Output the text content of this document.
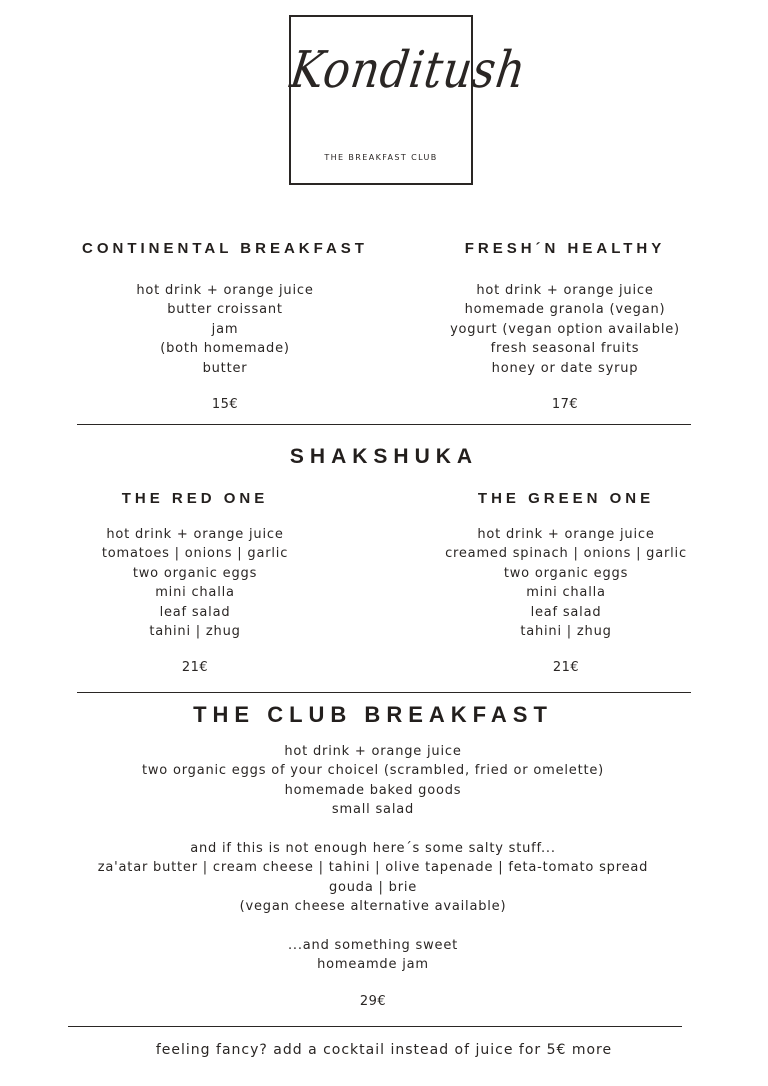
Konditush
THE BREAKFAST CLUB
CONTINENTAL BREAKFAST
hot drink + orange juice
butter croissant
jam
(both homemade)
butter
15€
FRESH´N HEALTHY
hot drink + orange juice
homemade granola (vegan)
yogurt (vegan option available)
fresh seasonal fruits
honey or date syrup
17€
SHAKSHUKA
THE RED ONE
hot drink + orange juice
tomatoes | onions | garlic
two organic eggs
mini challa
leaf salad
tahini | zhug
21€
THE GREEN ONE
hot drink + orange juice
creamed spinach | onions | garlic
two organic eggs
mini challa
leaf salad
tahini | zhug
21€
THE CLUB BREAKFAST
hot drink + orange juice
two organic eggs of your choicel (scrambled, fried or omelette)
homemade baked goods
small salad
and if this is not enough here´s some salty stuff...
za'atar butter | cream cheese | tahini | olive tapenade | feta-tomato spread
gouda | brie
(vegan cheese alternative available)
...and something sweet
homeamde jam
29€
feeling fancy? add a cocktail instead of juice for 5€ more
